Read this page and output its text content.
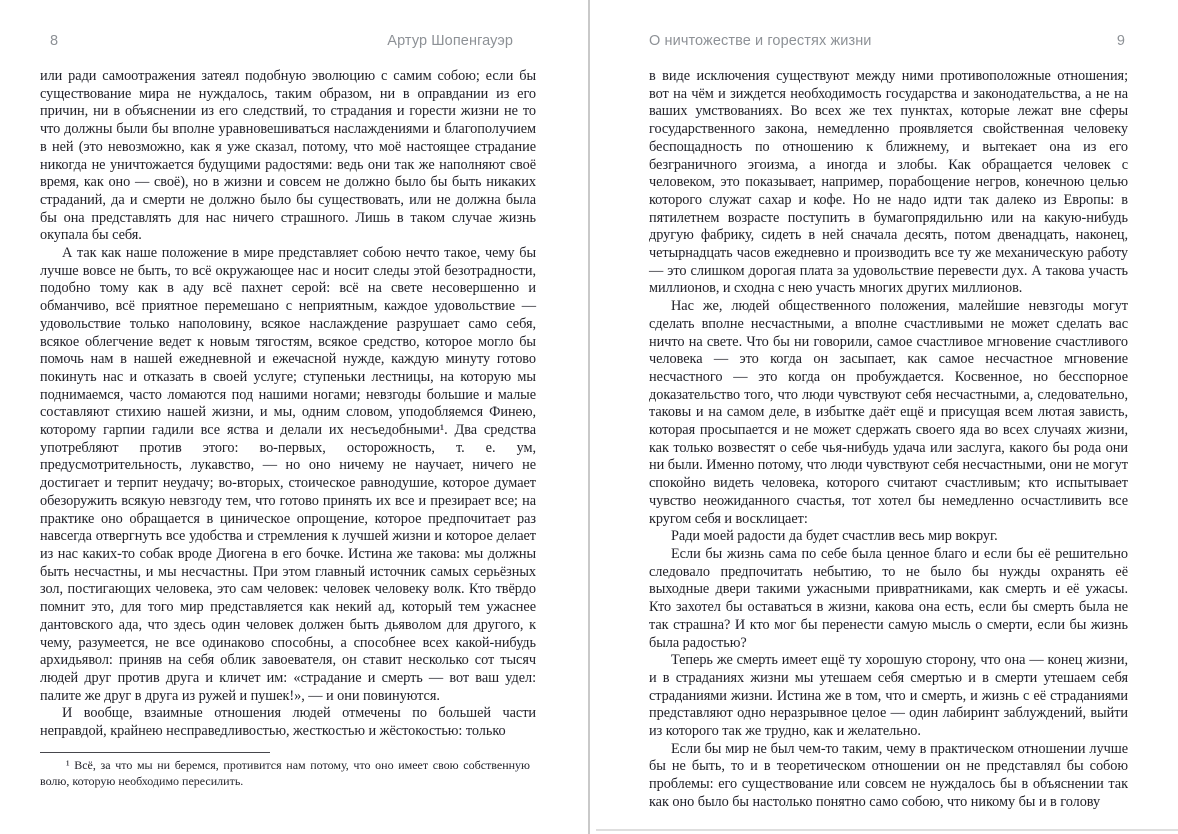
8	Артур Шопенгауэр

или ради самоотражения затеял подобную эволюцию с самим собою; если бы существование мира не нуждалось, таким образом, ни в оправдании из его причин, ни в объяснении из его следствий, то страдания и горести жизни не то что должны были бы вполне уравновешиваться наслаждениями и благополучием в ней (это невозможно, как я уже сказал, потому, что моё настоящее страдание никогда не уничтожается будущими радостями: ведь они так же наполняют своё время, как оно — своё), но в жизни и совсем не должно было бы быть никаких страданий, да и смерти не должно было бы существовать, или не должна была бы она представлять для нас ничего страшного. Лишь в таком случае жизнь окупала бы себя.

А так как наше положение в мире представляет собою нечто такое, чему бы лучше вовсе не быть, то всё окружающее нас и носит следы этой безотрадности, подобно тому как в аду всё пахнет серой: всё на свете несовершенно и обманчиво, всё приятное перемешано с неприятным, каждое удовольствие — удовольствие только наполовину, всякое наслаждение разрушает само себя, всякое облегчение ведет к новым тягостям, всякое средство, которое могло бы помочь нам в нашей ежедневной и ежечасной нужде, каждую минуту готово покинуть нас и отказать в своей услуге; ступеньки лестницы, на которую мы поднимаемся, часто ломаются под нашими ногами; невзгоды большие и малые составляют стихию нашей жизни, и мы, одним словом, уподобляемся Финею, которому гарпии гадили все яства и делали их несъедобными¹. Два средства употребляют против этого: во-первых, осторожность, т. е. ум, предусмотрительность, лукавство, — но оно ничему не научает, ничего не достигает и терпит неудачу; во-вторых, стоическое равнодушие, которое думает обезоружить всякую невзгоду тем, что готово принять их все и презирает все; на практике оно обращается в циническое опрощение, которое предпочитает раз навсегда отвергнуть все удобства и стремления к лучшей жизни и которое делает из нас каких-то собак вроде Диогена в его бочке. Истина же такова: мы должны быть несчастны, и мы несчастны. При этом главный источник самых серьёзных зол, постигающих человека, это сам человек: человек человеку волк. Кто твёрдо помнит это, для того мир представляется как некий ад, который тем ужаснее дантовского ада, что здесь один человек должен быть дьяволом для другого, к чему, разумеется, не все одинаково способны, а способнее всех какой-нибудь архидьявол: приняв на себя облик завоевателя, он ставит несколько сот тысяч людей друг против друга и кличет им: «страдание и смерть — вот ваш удел: палите же друг в друга из ружей и пушек!», — и они повинуются.

И вообще, взаимные отношения людей отмечены по большей части неправдой, крайнею несправедливостью, жесткостью и жёстокостью: только

¹ Всё, за что мы ни беремся, противится нам потому, что оно имеет свою собственную волю, которую необходимо пересилить.

О ничтожестве и горестях жизни	9

в виде исключения существуют между ними противоположные отношения; вот на чём и зиждется необходимость государства и законодательства, а не на ваших умствованиях. Во всех же тех пунктах, которые лежат вне сферы государственного закона, немедленно проявляется свойственная человеку беспощадность по отношению к ближнему, и вытекает она из его безграничного эгоизма, а иногда и злобы. Как обращается человек с человеком, это показывает, например, порабощение негров, конечною целью которого служат сахар и кофе. Но не надо идти так далеко из Европы: в пятилетнем возрасте поступить в бумагопрядильню или на какую-нибудь другую фабрику, сидеть в ней сначала десять, потом двенадцать, наконец, четырнадцать часов ежедневно и производить все ту же механическую работу — это слишком дорогая плата за удовольствие перевести дух. А такова участь миллионов, и сходна с нею участь многих других миллионов.

Нас же, людей общественного положения, малейшие невзгоды могут сделать вполне несчастными, а вполне счастливыми не может сделать вас ничто на свете. Что бы ни говорили, самое счастливое мгновение счастливого человека — это когда он засыпает, как самое несчастное мгновение несчастного — это когда он пробуждается. Косвенное, но бесспорное доказательство того, что люди чувствуют себя несчастными, а, следовательно, таковы и на самом деле, в избытке даёт ещё и присущая всем лютая зависть, которая просыпается и не может сдержать своего яда во всех случаях жизни, как только возвестят о себе чья-нибудь удача или заслуга, какого бы рода они ни были. Именно потому, что люди чувствуют себя несчастными, они не могут спокойно видеть человека, которого считают счастливым; кто испытывает чувство неожиданного счастья, тот хотел бы немедленно осчастливить все кругом себя и восклицает:

Ради моей радости да будет счастлив весь мир вокруг.

Если бы жизнь сама по себе была ценное благо и если бы её решительно следовало предпочитать небытию, то не было бы нужды охранять её выходные двери такими ужасными привратниками, как смерть и её ужасы. Кто захотел бы оставаться в жизни, какова она есть, если бы смерть была не так страшна? И кто мог бы перенести самую мысль о смерти, если бы жизнь была радостью?

Теперь же смерть имеет ещё ту хорошую сторону, что она — конец жизни, и в страданиях жизни мы утешаем себя смертью и в смерти утешаем себя страданиями жизни. Истина же в том, что и смерть, и жизнь с её страданиями представляют одно неразрывное целое — один лабиринт заблуждений, выйти из которого так же трудно, как и желательно.

Если бы мир не был чем-то таким, чему в практическом отношении лучше бы не быть, то и в теоретическом отношении он не представлял бы собою проблемы: его существование или совсем не нуждалось бы в объяснении так как оно было бы настолько понятно само собою, что никому бы и в голову
